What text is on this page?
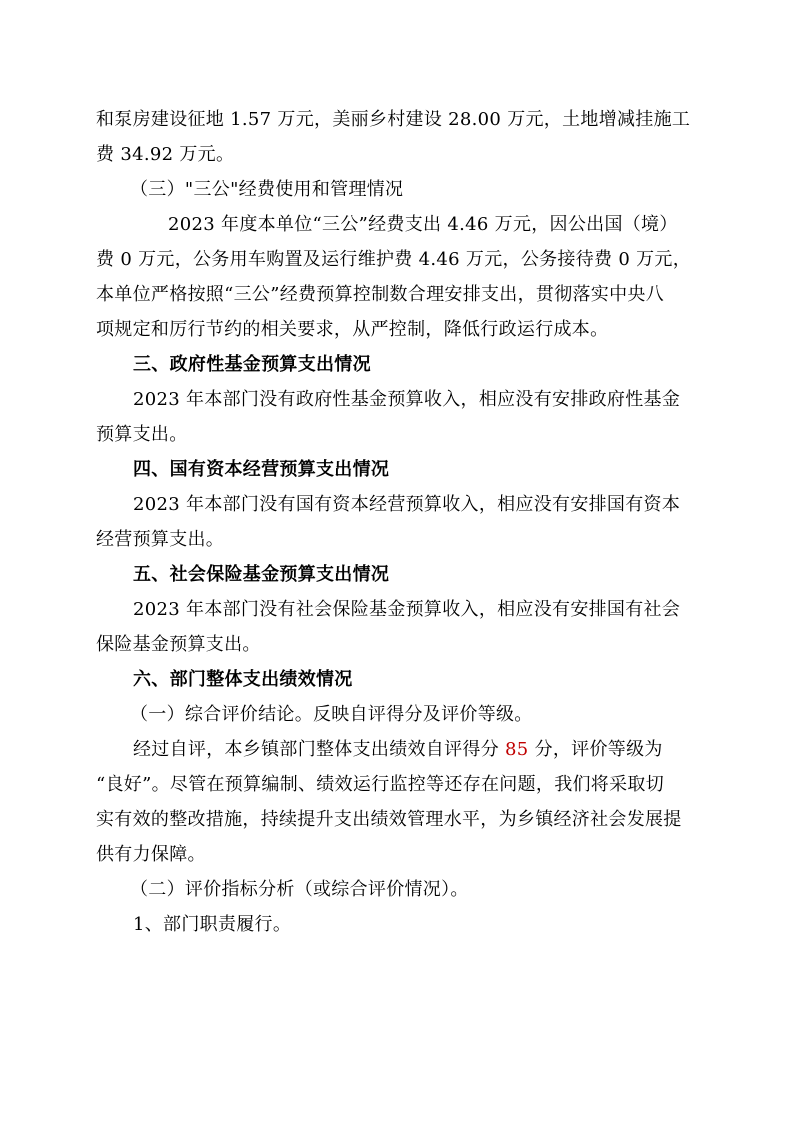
和泵房建设征地 1.57 万元，美丽乡村建设 28.00 万元，土地增减挂施工
费 34.92 万元。
（三）"三公"经费使用和管理情况
2023 年度本单位“三公”经费支出 4.46 万元，因公出国（境）
费 0 万元，公务用车购置及运行维护费 4.46 万元，公务接待费 0 万元，
本单位严格按照“三公”经费预算控制数合理安排支出，贯彻落实中央八
项规定和厉行节约的相关要求，从严控制，降低行政运行成本。
三、政府性基金预算支出情况
2023 年本部门没有政府性基金预算收入，相应没有安排政府性基金
预算支出。
四、国有资本经营预算支出情况
2023 年本部门没有国有资本经营预算收入，相应没有安排国有资本
经营预算支出。
五、社会保险基金预算支出情况
2023 年本部门没有社会保险基金预算收入，相应没有安排国有社会
保险基金预算支出。
六、部门整体支出绩效情况
（一）综合评价结论。反映自评得分及评价等级。
经过自评，本乡镇部门整体支出绩效自评得分 85 分，评价等级为
“良好”。尽管在预算编制、绩效运行监控等还存在问题，我们将采取切
实有效的整改措施，持续提升支出绩效管理水平，为乡镇经济社会发展提
供有力保障。
（二）评价指标分析（或综合评价情况）。
1、部门职责履行。
